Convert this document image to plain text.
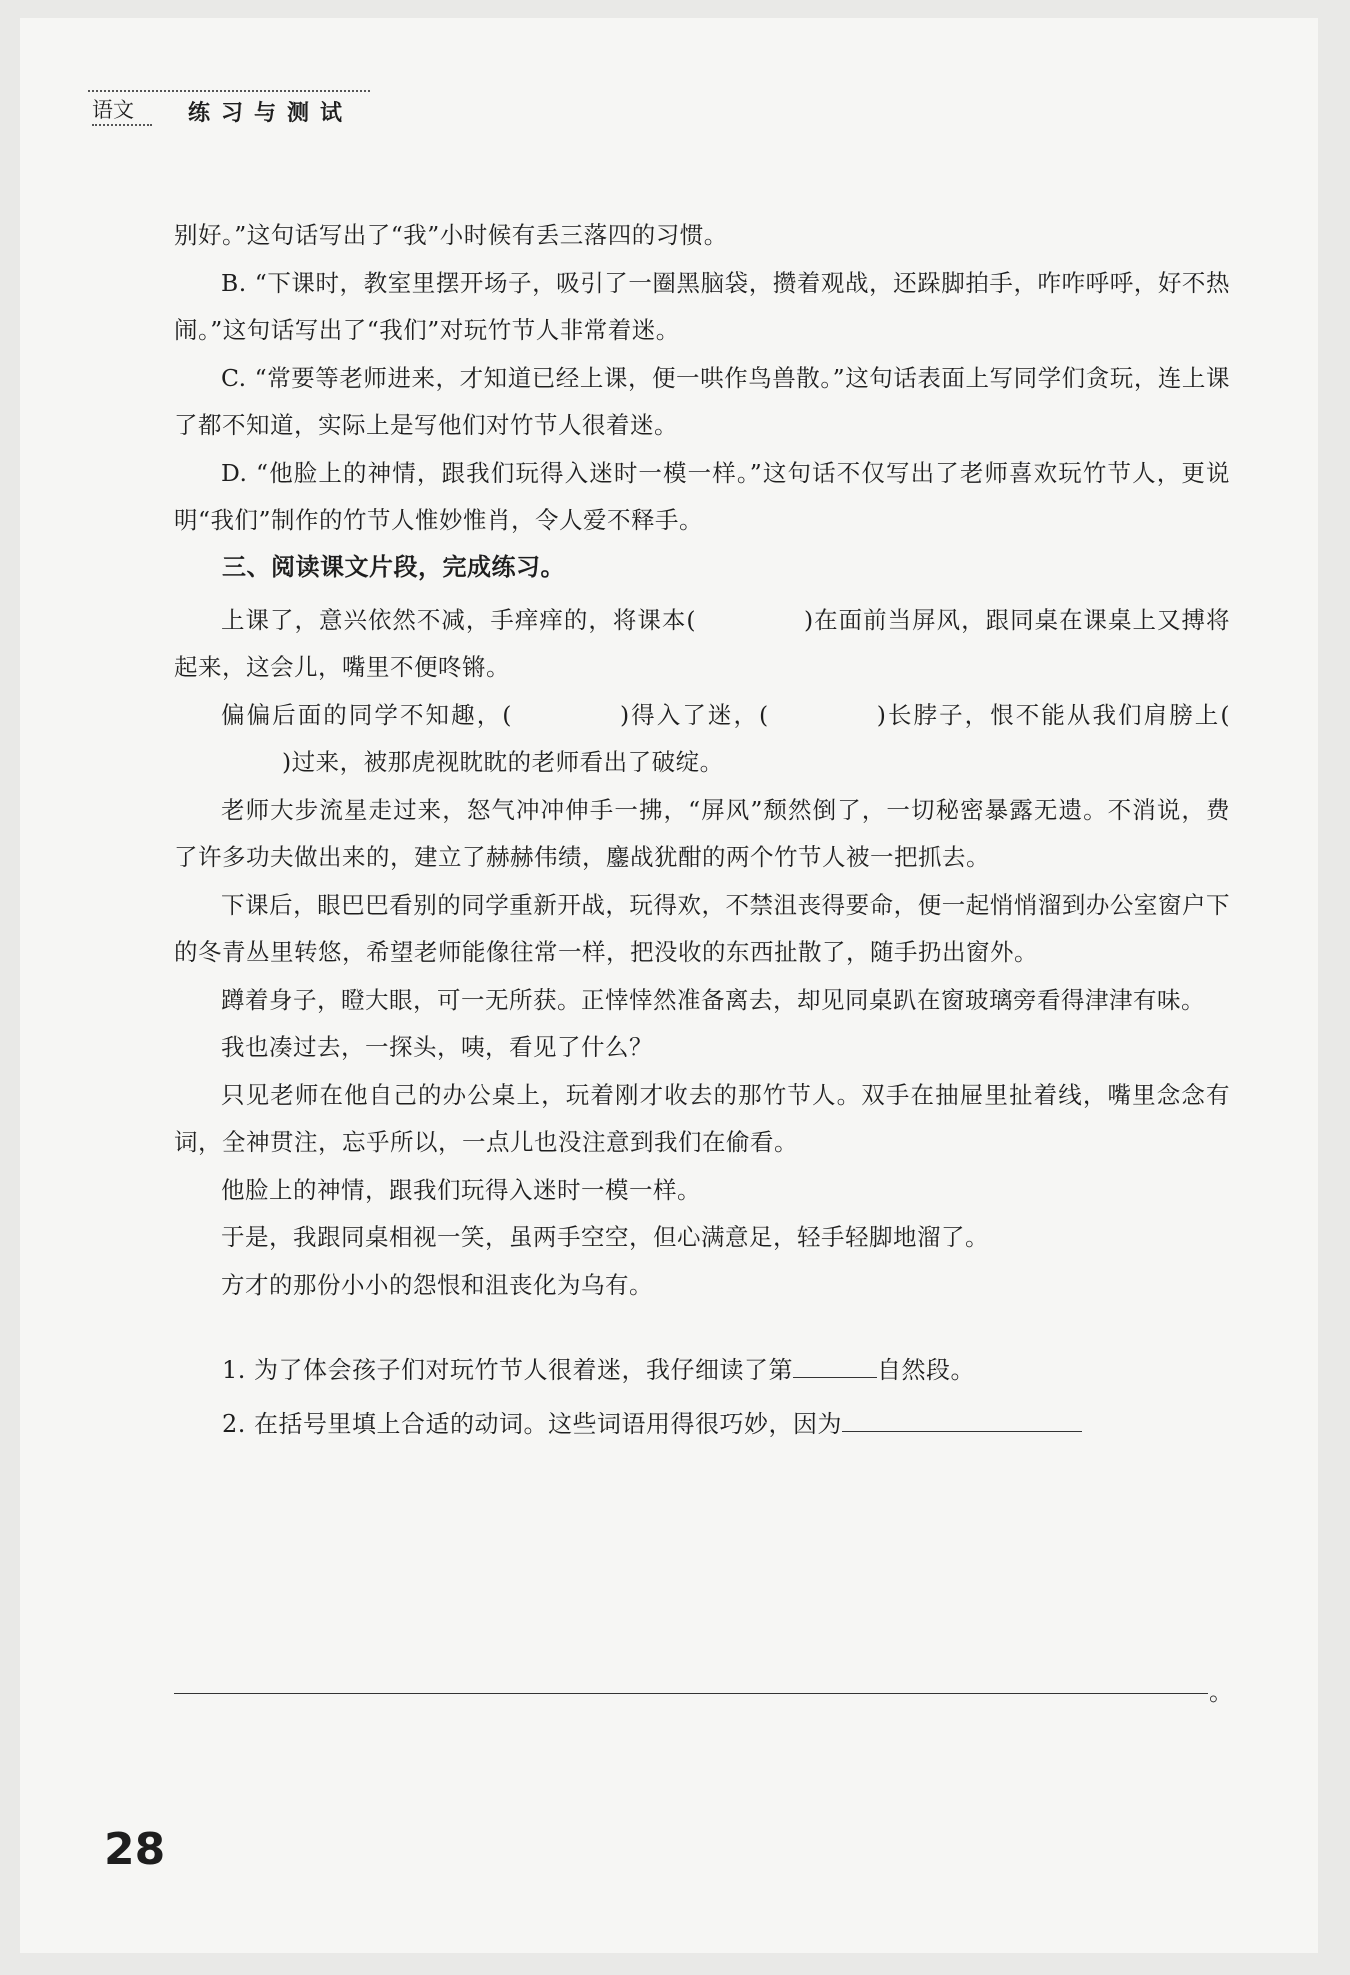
语文	练习与测试

别好。”这句话写出了“我”小时候有丢三落四的习惯。

B. “下课时，教室里摆开场子，吸引了一圈黑脑袋，攒着观战，还跺脚拍手，咋咋呼呼，好不热闹。”这句话写出了“我们”对玩竹节人非常着迷。

C. “常要等老师进来，才知道已经上课，便一哄作鸟兽散。”这句话表面上写同学们贪玩，连上课了都不知道，实际上是写他们对竹节人很着迷。

D. “他脸上的神情，跟我们玩得入迷时一模一样。”这句话不仅写出了老师喜欢玩竹节人，更说明“我们”制作的竹节人惟妙惟肖，令人爱不释手。

三、阅读课文片段，完成练习。

上课了，意兴依然不减，手痒痒的，将课本(	)在面前当屏风，跟同桌在课桌上又搏将起来，这会儿，嘴里不便咚锵。

偏偏后面的同学不知趣，(	)得入了迷，(	)长脖子，恨不能从我们肩膀上()过来，被那虎视眈眈的老师看出了破绽。

老师大步流星走过来，怒气冲冲伸手一拂，“屏风”颓然倒了，一切秘密暴露无遗。不消说，费了许多功夫做出来的，建立了赫赫伟绩，鏖战犹酣的两个竹节人被一把抓去。

下课后，眼巴巴看别的同学重新开战，玩得欢，不禁沮丧得要命，便一起悄悄溜到办公室窗户下的冬青丛里转悠，希望老师能像往常一样，把没收的东西扯散了，随手扔出窗外。

蹲着身子，瞪大眼，可一无所获。正悻悻然准备离去，却见同桌趴在窗玻璃旁看得津津有味。

我也凑过去，一探头，咦，看见了什么？

只见老师在他自己的办公桌上，玩着刚才收去的那竹节人。双手在抽屉里扯着线，嘴里念念有词，全神贯注，忘乎所以，一点儿也没注意到我们在偷看。

他脸上的神情，跟我们玩得入迷时一模一样。

于是，我跟同桌相视一笑，虽两手空空，但心满意足，轻手轻脚地溜了。

方才的那份小小的怨恨和沮丧化为乌有。

1. 为了体会孩子们对玩竹节人很着迷，我仔细读了第	自然段。

2. 在括号里填上合适的动词。这些词语用得很巧妙，因为

。
28
